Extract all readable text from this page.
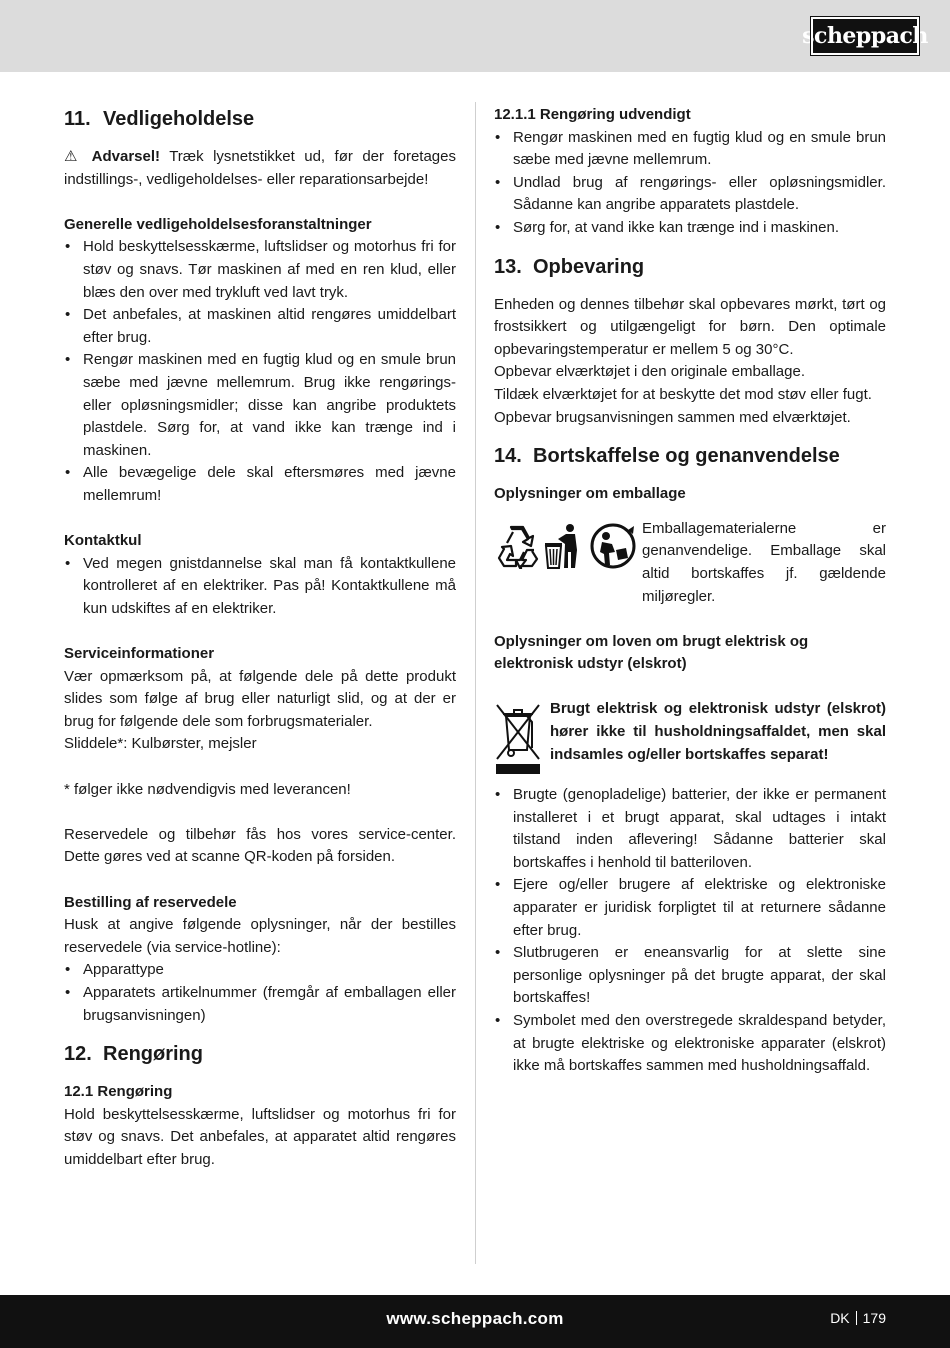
scheppach
11. Vedligeholdelse

⚠ Advarsel! Træk lysnetstikket ud, før der foretages indstillings-, vedligeholdelses- eller reparationsarbejde!

Generelle vedligeholdelsesforanstaltninger
• Hold beskyttelsesskærme, luftslidser og motorhus fri for støv og snavs. Tør maskinen af med en ren klud, eller blæs den over med trykluft ved lavt tryk.
• Det anbefales, at maskinen altid rengøres umiddelbart efter brug.
• Rengør maskinen med en fugtig klud og en smule brun sæbe med jævne mellemrum. Brug ikke rengørings- eller opløsningsmidler; disse kan angribe produktets plastdele. Sørg for, at vand ikke kan trænge ind i maskinen.
• Alle bevægelige dele skal eftersmøres med jævne mellemrum!
Kontaktkul
• Ved megen gnistdannelse skal man få kontaktkullene kontrolleret af en elektriker. Pas på! Kontaktkullene må kun udskiftes af en elektriker.
Serviceinformationer

Vær opmærksom på, at følgende dele på dette produkt slides som følge af brug eller naturligt slid, og at der er brug for følgende dele som forbrugsmaterialer.

Sliddele*: Kulbørster, mejsler

* følger ikke nødvendigvis med leverancen!

Reservedele og tilbehør fås hos vores service-center. Dette gøres ved at scanne QR-koden på forsiden.

Bestilling af reservedele

Husk at angive følgende oplysninger, når der bestilles reservedele (via service-hotline):

• Apparattype
• Apparatets artikelnummer (fremgår af emballagen eller brugsanvisningen)
12. Rengøring
12.1 Rengøring

Hold beskyttelsesskærme, luftslidser og motorhus fri for støv og snavs. Det anbefales, at apparatet altid rengøres umiddelbart efter brug.

12.1.1 Rengøring udvendigt
• Rengør maskinen med en fugtig klud og en smule brun sæbe med jævne mellemrum.
• Undlad brug af rengørings- eller opløsningsmidler. Sådanne kan angribe apparatets plastdele.
• Sørg for, at vand ikke kan trænge ind i maskinen.
13. Opbevaring

Enheden og dennes tilbehør skal opbevares mørkt, tørt og frostsikkert og utilgængeligt for børn. Den optimale opbevaringstemperatur er mellem 5 og 30°C.

Opbevar elværktøjet i den originale emballage.

Tildæk elværktøjet for at beskytte det mod støv eller fugt.

Opbevar brugsanvisningen sammen med elværktøjet.

14. Bortskaffelse og genanvendelse
Oplysninger om emballage

Emballagematerialerne er genanvendelige. Emballage skal altid bortskaffes jf. gældende miljøregler.

Oplysninger om loven om brugt elektrisk og elektronisk udstyr (elskrot)

Brugt elektrisk og elektronisk udstyr (elskrot) hører ikke til husholdningsaffaldet, men skal indsamles og/eller bortskaffes separat!

• Brugte (genopladelige) batterier, der ikke er permanent installeret i et brugt apparat, skal udtages i intakt tilstand inden aflevering! Sådanne batterier skal bortskaffes i henhold til batteriloven.
• Ejere og/eller brugere af elektriske og elektroniske apparater er juridisk forpligtet til at returnere sådanne efter brug.
• Slutbrugeren er eneansvarlig for at slette sine personlige oplysninger på det brugte apparat, der skal bortskaffes!
• Symbolet med den overstregede skraldespand betyder, at brugte elektriske og elektroniske apparater (elskrot) ikke må bortskaffes sammen med husholdningsaffald.
www.scheppach.com	DK 179
